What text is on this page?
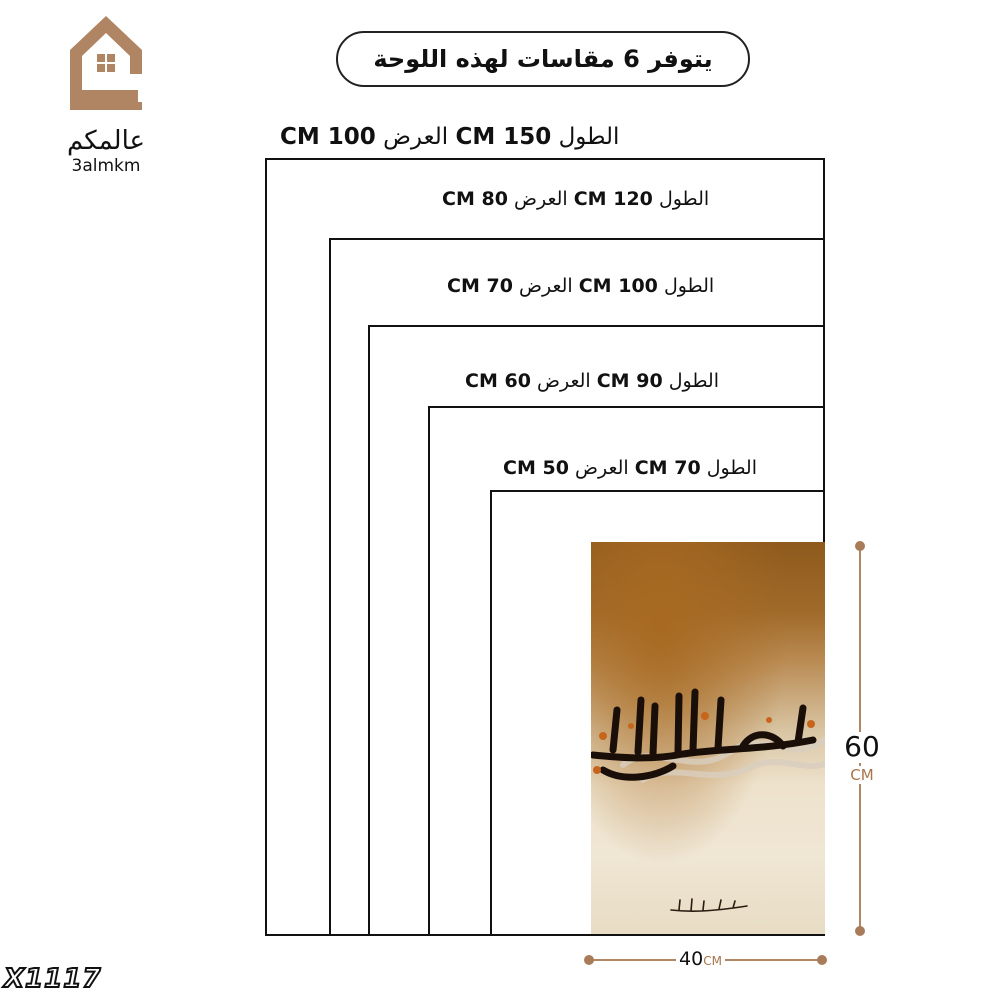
عالمكم
3almkm
يتوفر 6 مقاسات لهذه اللوحة
الطول 150 CM العرض 100 CM
الطول 120 CM العرض 80 CM
الطول 100 CM العرض 70 CM
الطول 90 CM العرض 60 CM
الطول 70 CM العرض 50 CM
60
CM
40CM
X1117
